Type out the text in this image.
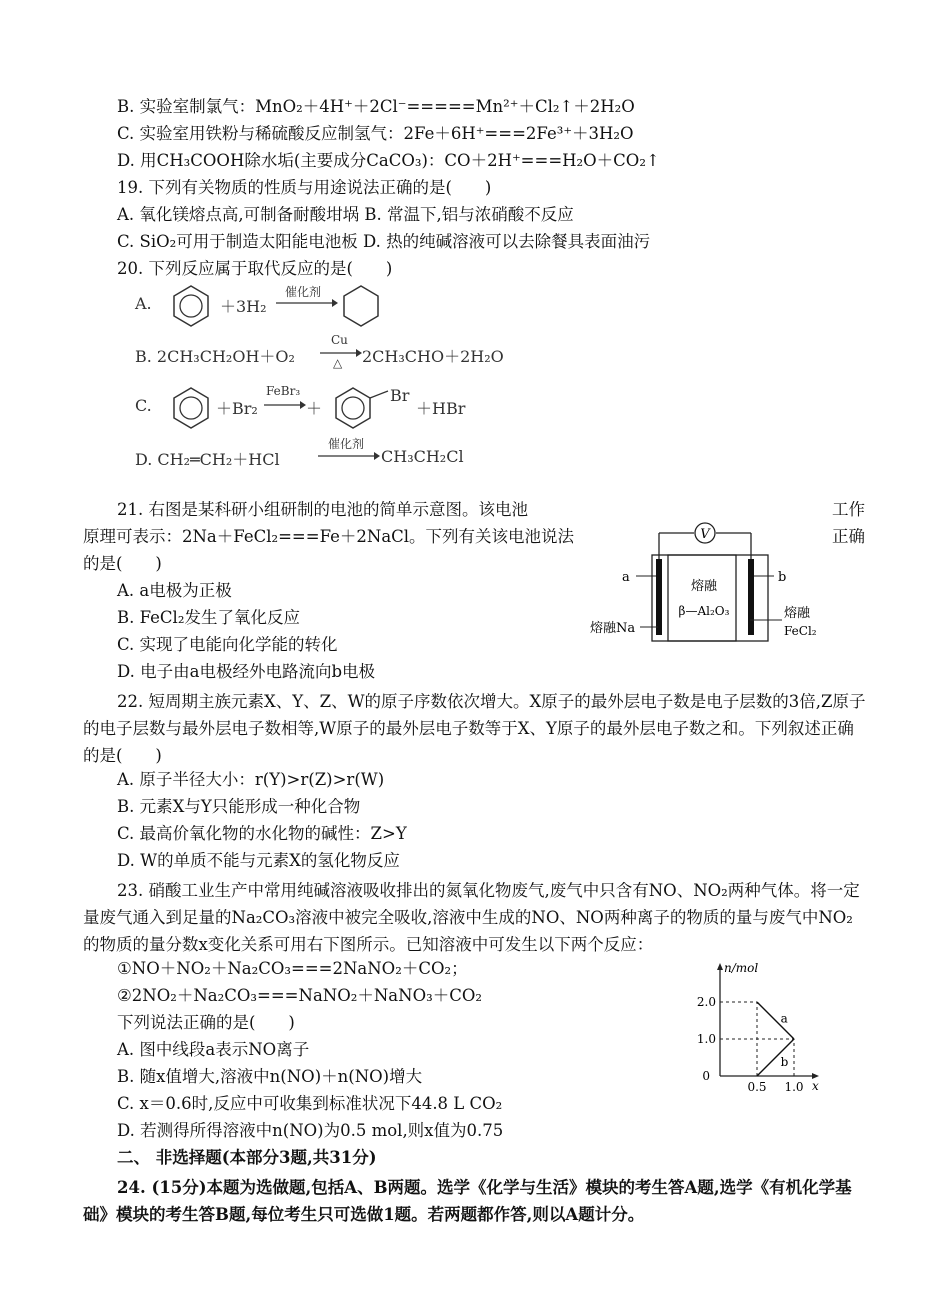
B. 实验室制氯气：MnO₂＋4H⁺＋2Cl⁻=====Mn²⁺＋Cl₂↑＋2H₂O
C. 实验室用铁粉与稀硫酸反应制氢气：2Fe＋6H⁺===2Fe³⁺＋3H₂O
D. 用CH₃COOH除水垢(主要成分CaCO₃)：CO＋2H⁺===H₂O＋CO₂↑
19. 下列有关物质的性质与用途说法正确的是(　　)
A. 氧化镁熔点高,可制备耐酸坩埚 B. 常温下,铝与浓硝酸不反应
C. SiO₂可用于制造太阳能电池板 D. 热的纯碱溶液可以去除餐具表面油污
20. 下列反应属于取代反应的是(　　)
A.	＋3H₂
催化剂
B. 2CH₃CH₂OH＋O₂
Cu
△ 2CH₃CHO＋2H₂O
C.	＋Br₂
FeBr₃
→ ＋
Br
＋HBr
D. CH₂═CH₂＋HCl
催化剂
→ CH₃CH₂Cl
21. 右图是某科研小组研制的电池的简单示意图。该电池	工作
原理可表示：2Na＋FeCl₂===Fe＋2NaCl。下列有关该电池说法	正确
的是(　　)
A. a电极为正极
B. FeCl₂发生了氧化反应
C. 实现了电能向化学能的转化
D. 电子由a电极经外电路流向b电极
V
a	b
熔融
β—Al₂O₃
熔融Na
熔融
FeCl₂
22. 短周期主族元素X、Y、Z、W的原子序数依次增大。X原子的最外层电子数是电子层数的3倍,Z原子的电子层数与最外层电子数相等,W原子的最外层电子数等于X、Y原子的最外层电子数之和。下列叙述正确的是(　　)
A. 原子半径大小：r(Y)>r(Z)>r(W)
B. 元素X与Y只能形成一种化合物
C. 最高价氧化物的水化物的碱性：Z>Y
D. W的单质不能与元素X的氢化物反应
23. 硝酸工业生产中常用纯碱溶液吸收排出的氮氧化物废气,废气中只含有NO、NO₂两种气体。将一定量废气通入到足量的Na₂CO₃溶液中被完全吸收,溶液中生成的NO、NO两种离子的物质的量与废气中NO₂的物质的量分数x变化关系可用右下图所示。已知溶液中可发生以下两个反应：
①NO＋NO₂＋Na₂CO₃===2NaNO₂＋CO₂；
②2NO₂＋Na₂CO₃===NaNO₂＋NaNO₃＋CO₂
下列说法正确的是(　　)
A. 图中线段a表示NO离子
B. 随x值增大,溶液中n(NO)＋n(NO)增大
C. x＝0.6时,反应中可收集到标准状况下44.8 L CO₂
D. 若测得所得溶液中n(NO)为0.5 mol,则x值为0.75
a
b
2.0
1.0
0
0.5 1.0 x
n/mol
二、 非选择题(本部分3题,共31分)
24. (15分)本题为选做题,包括A、B两题。选学《化学与生活》模块的考生答A题,选学《有机化学基础》模块的考生答B题,每位考生只可选做1题。若两题都作答,则以A题计分。
